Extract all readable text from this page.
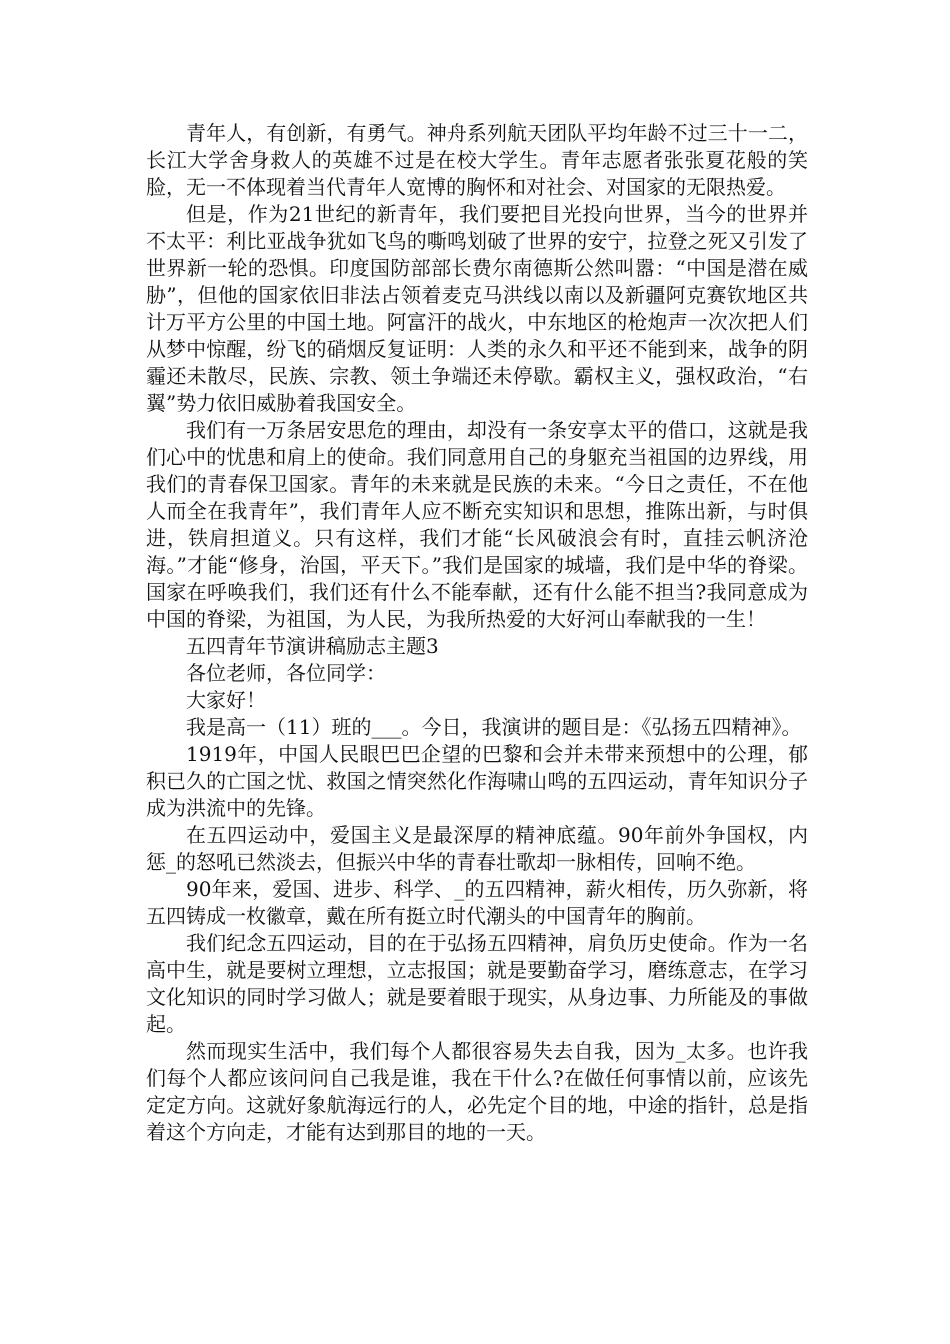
青年人，有创新，有勇气。神舟系列航天团队平均年龄不过三十一二，长江大学舍身救人的英雄不过是在校大学生。青年志愿者张张夏花般的笑脸，无一不体现着当代青年人宽博的胸怀和对社会、对国家的无限热爱。

但是，作为21世纪的新青年，我们要把目光投向世界，当今的世界并不太平：利比亚战争犹如飞鸟的嘶鸣划破了世界的安宁，拉登之死又引发了世界新一轮的恐惧。印度国防部部长费尔南德斯公然叫嚣：“中国是潜在威胁”，但他的国家依旧非法占领着麦克马洪线以南以及新疆阿克赛钦地区共计万平方公里的中国土地。阿富汗的战火，中东地区的枪炮声一次次把人们从梦中惊醒，纷飞的硝烟反复证明：人类的永久和平还不能到来，战争的阴霾还未散尽，民族、宗教、领土争端还未停歇。霸权主义，强权政治，“右翼”势力依旧威胁着我国安全。

我们有一万条居安思危的理由，却没有一条安享太平的借口，这就是我们心中的忧患和肩上的使命。我们同意用自己的身躯充当祖国的边界线，用我们的青春保卫国家。青年的未来就是民族的未来。“今日之责任，不在他人而全在我青年”，我们青年人应不断充实知识和思想，推陈出新，与时俱进，铁肩担道义。只有这样，我们才能“长风破浪会有时，直挂云帆济沧海。”才能“修身，治国，平天下。”我们是国家的城墙，我们是中华的脊梁。国家在呼唤我们，我们还有什么不能奉献，还有什么能不担当?我同意成为中国的脊梁，为祖国，为人民，为我所热爱的大好河山奉献我的一生！

五四青年节演讲稿励志主题3

各位老师，各位同学：

大家好！

我是高一（11）班的___。今日，我演讲的题目是：《弘扬五四精神》。

1919年，中国人民眼巴巴企望的巴黎和会并未带来预想中的公理，郁积已久的亡国之忧、救国之情突然化作海啸山鸣的五四运动，青年知识分子成为洪流中的先锋。

在五四运动中，爱国主义是最深厚的精神底蕴。90年前外争国权，内惩_的怒吼已然淡去，但振兴中华的青春壮歌却一脉相传，回响不绝。

90年来，爱国、进步、科学、_的五四精神，薪火相传，历久弥新，将五四铸成一枚徽章，戴在所有挺立时代潮头的中国青年的胸前。

我们纪念五四运动，目的在于弘扬五四精神，肩负历史使命。作为一名高中生，就是要树立理想，立志报国；就是要勤奋学习，磨练意志，在学习文化知识的同时学习做人；就是要着眼于现实，从身边事、力所能及的事做起。

然而现实生活中，我们每个人都很容易失去自我，因为_太多。也许我们每个人都应该问问自己我是谁，我在干什么?在做任何事情以前，应该先定定方向。这就好象航海远行的人，必先定个目的地，中途的指针，总是指着这个方向走，才能有达到那目的地的一天。
